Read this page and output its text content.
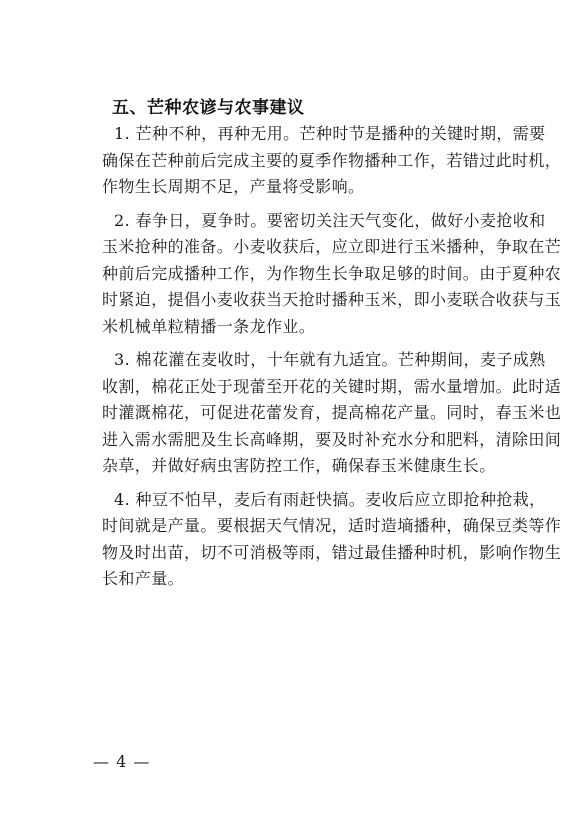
五、芒种农谚与农事建议
1. 芒种不种，再种无用。芒种时节是播种的关键时期，需要
确保在芒种前后完成主要的夏季作物播种工作，若错过此时机，
作物生长周期不足，产量将受影响。
2. 春争日，夏争时。要密切关注天气变化，做好小麦抢收和
玉米抢种的准备。小麦收获后，应立即进行玉米播种，争取在芒
种前后完成播种工作，为作物生长争取足够的时间。由于夏种农
时紧迫，提倡小麦收获当天抢时播种玉米，即小麦联合收获与玉
米机械单粒精播一条龙作业。
3. 棉花灌在麦收时，十年就有九适宜。芒种期间，麦子成熟
收割，棉花正处于现蕾至开花的关键时期，需水量增加。此时适
时灌溉棉花，可促进花蕾发育，提高棉花产量。同时，春玉米也
进入需水需肥及生长高峰期，要及时补充水分和肥料，清除田间
杂草，并做好病虫害防控工作，确保春玉米健康生长。
4. 种豆不怕早，麦后有雨赶快搞。麦收后应立即抢种抢栽，
时间就是产量。要根据天气情况，适时造墒播种，确保豆类等作
物及时出苗，切不可消极等雨，错过最佳播种时机，影响作物生
长和产量。
— 4 —
